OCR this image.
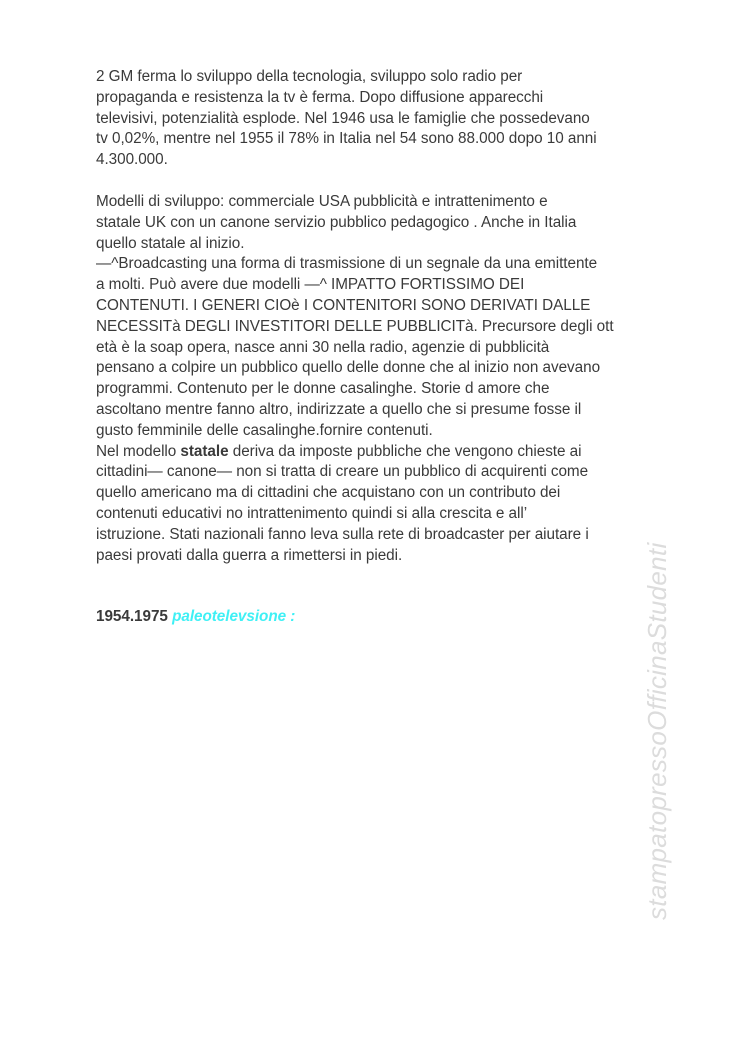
2 GM ferma lo sviluppo della tecnologia, sviluppo solo radio per

propaganda e resistenza la tv è ferma. Dopo diffusione apparecchi

televisivi, potenzialità esplode. Nel 1946 usa le famiglie che possedevano

tv 0,02%, mentre nel 1955 il 78% in Italia nel 54 sono 88.000 dopo 10 anni

4.300.000.

Modelli di sviluppo: commerciale USA pubblicità e intrattenimento e

statale UK con un canone servizio pubblico pedagogico . Anche in Italia

quello statale al inizio.

—^Broadcasting una forma di trasmissione di un segnale da una emittente

a molti. Può avere due modelli —^ IMPATTO FORTISSIMO DEI

CONTENUTI. I GENERI CIOè I CONTENITORI SONO DERIVATI DALLE

NECESSITà DEGLI INVESTITORI DELLE PUBBLICITà. Precursore degli ott

età è la soap opera, nasce anni 30 nella radio, agenzie di pubblicità

pensano a colpire un pubblico quello delle donne che al inizio non avevano

programmi. Contenuto per le donne casalinghe. Storie d amore che

ascoltano mentre fanno altro, indirizzate a quello che si presume fosse il

gusto femminile delle casalinghe.fornire contenuti.

Nel modello statale deriva da imposte pubbliche che vengono chieste ai

cittadini— canone— non si tratta di creare un pubblico di acquirenti come

quello americano ma di cittadini che acquistano con un contributo dei

contenuti educativi no intrattenimento quindi si alla crescita e all’

istruzione. Stati nazionali fanno leva sulla rete di broadcaster per aiutare i

paesi provati dalla guerra a rimettersi in piedi.

1954.1975 paleotelevsione :	stampatopressoOfficinaStudenti
